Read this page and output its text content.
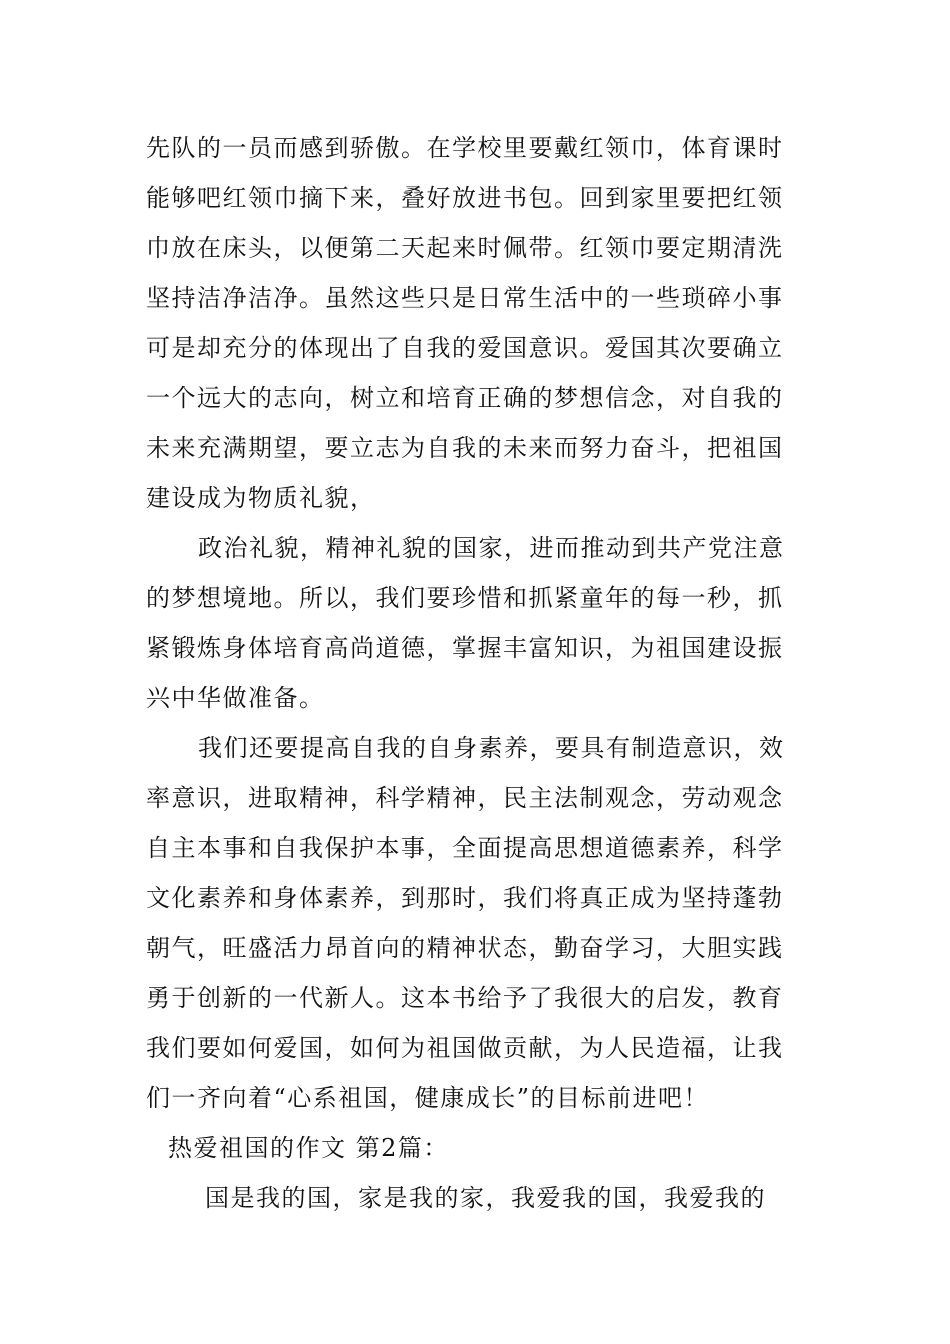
先队的一员而感到骄傲。在学校里要戴红领巾，体育课时
能够吧红领巾摘下来，叠好放进书包。回到家里要把红领
巾放在床头，以便第二天起来时佩带。红领巾要定期清洗
坚持洁净洁净。虽然这些只是日常生活中的一些琐碎小事
可是却充分的体现出了自我的爱国意识。爱国其次要确立
一个远大的志向，树立和培育正确的梦想信念，对自我的
未来充满期望，要立志为自我的未来而努力奋斗，把祖国
建设成为物质礼貌，
政治礼貌，精神礼貌的国家，进而推动到共产党注意
的梦想境地。所以，我们要珍惜和抓紧童年的每一秒，抓
紧锻炼身体培育高尚道德，掌握丰富知识，为祖国建设振
兴中华做准备。
我们还要提高自我的自身素养，要具有制造意识，效
率意识，进取精神，科学精神，民主法制观念，劳动观念
自主本事和自我保护本事，全面提高思想道德素养，科学
文化素养和身体素养，到那时，我们将真正成为坚持蓬勃
朝气，旺盛活力昂首向的精神状态，勤奋学习，大胆实践
勇于创新的一代新人。这本书给予了我很大的启发，教育
我们要如何爱国，如何为祖国做贡献，为人民造福，让我
们一齐向着“心系祖国，健康成长”的目标前进吧！
热爱祖国的作文 第2篇：
国是我的国，家是我的家，我爱我的国，我爱我的
